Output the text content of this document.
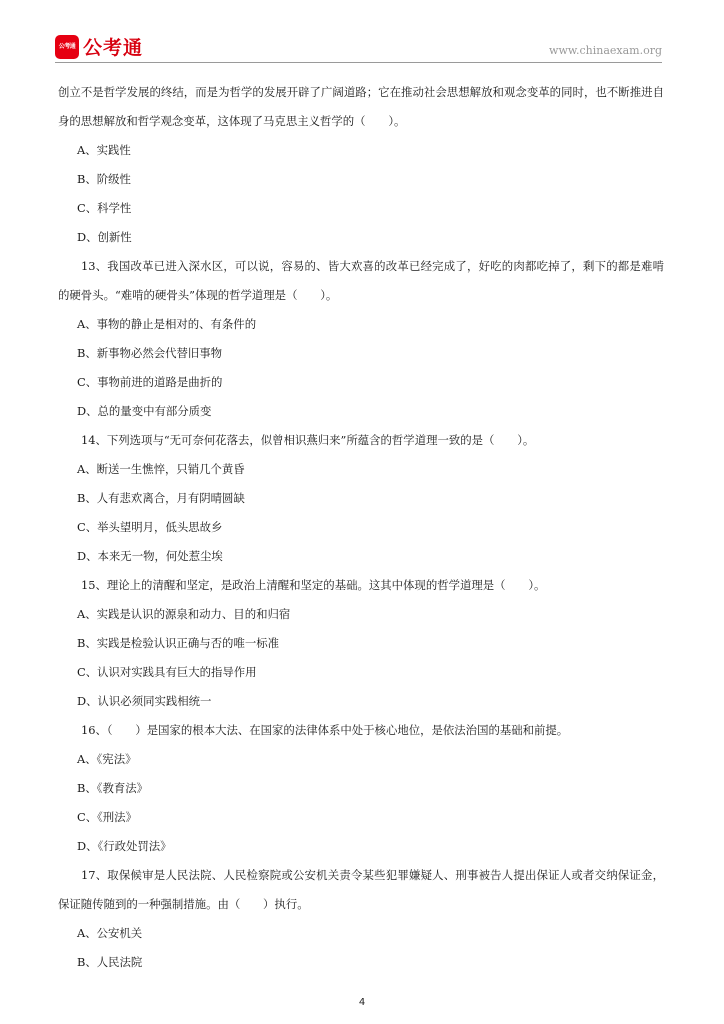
公考通 公考通	www.chinaexam.org

创立不是哲学发展的终结，而是为哲学的发展开辟了广阔道路；它在推动社会思想解放和观念变革的同时，也不断推进自身的思想解放和哲学观念变革，这体现了马克思主义哲学的（　　）。

A、实践性

B、阶级性

C、科学性

D、创新性

13、我国改革已进入深水区，可以说，容易的、皆大欢喜的改革已经完成了，好吃的肉都吃掉了，剩下的都是难啃的硬骨头。“难啃的硬骨头”体现的哲学道理是（　　）。

A、事物的静止是相对的、有条件的

B、新事物必然会代替旧事物

C、事物前进的道路是曲折的

D、总的量变中有部分质变

14、下列选项与“无可奈何花落去，似曾相识燕归来”所蕴含的哲学道理一致的是（　　）。

A、断送一生憔悴，只销几个黄昏

B、人有悲欢离合，月有阴晴圆缺

C、举头望明月，低头思故乡

D、本来无一物，何处惹尘埃

15、理论上的清醒和坚定，是政治上清醒和坚定的基础。这其中体现的哲学道理是（　　）。

A、实践是认识的源泉和动力、目的和归宿

B、实践是检验认识正确与否的唯一标准

C、认识对实践具有巨大的指导作用

D、认识必须同实践相统一

16、（　　）是国家的根本大法、在国家的法律体系中处于核心地位，是依法治国的基础和前提。

A、《宪法》

B、《教育法》

C、《刑法》

D、《行政处罚法》

17、取保候审是人民法院、人民检察院或公安机关责令某些犯罪嫌疑人、刑事被告人提出保证人或者交纳保证金，保证随传随到的一种强制措施。由（　　）执行。

A、公安机关

B、人民法院

4
